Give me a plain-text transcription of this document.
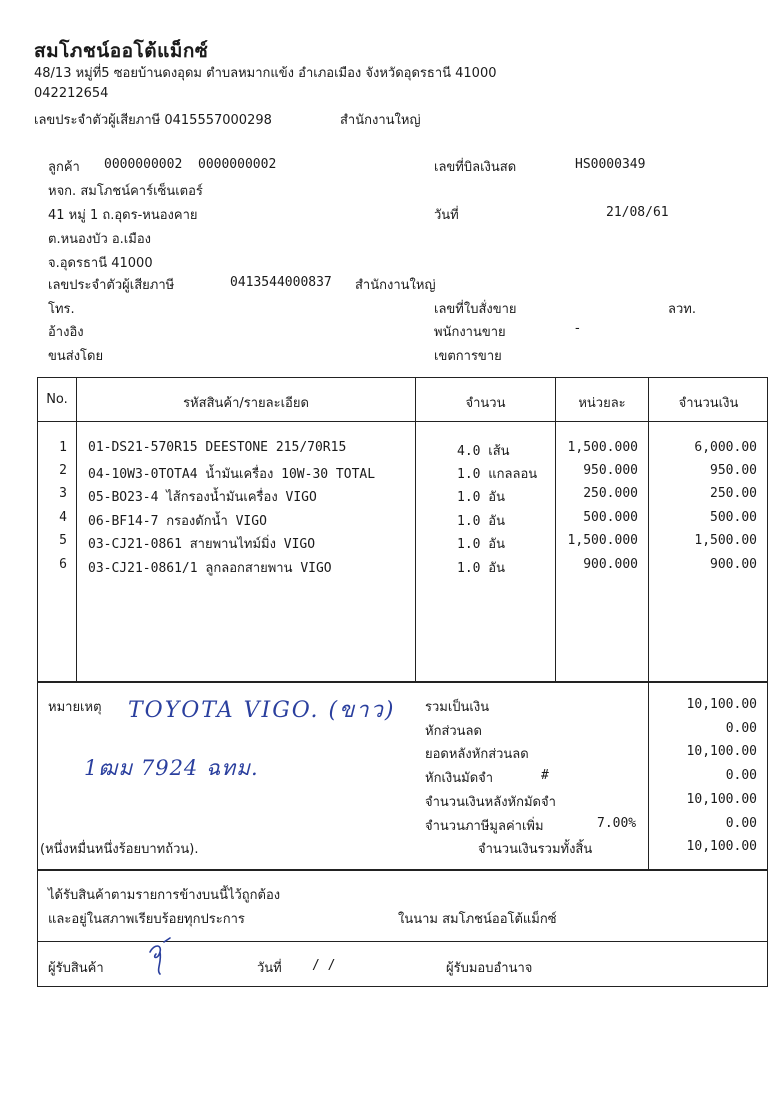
สมโภชน์ออโต้แม็กซ์
48/13 หมู่ที่5 ซอยบ้านดงอุดม ตำบลหมากแข้ง อำเภอเมือง จังหวัดอุดรธานี 41000
042212654
เลขประจำตัวผู้เสียภาษี 0415557000298	สำนักงานใหญ่
ลูกค้า 0000000002 0000000002
หจก. สมโภชน์คาร์เซ็นเตอร์
41 หมู่ 1 ถ.อุดร-หนองคาย
ต.หนองบัว อ.เมือง
จ.อุดรธานี 41000
เลขประจำตัวผู้เสียภาษี	0413544000837 สำนักงานใหญ่
โทร.
อ้างอิง
ขนส่งโดย
เลขที่บิลเงินสด	HS0000349
วันที่	21/08/61
เลขที่ใบสั่งขาย	ลวท.
พนักงานขาย	-
เขตการขาย
No.	รหัสสินค้า/รายละเอียด	จำนวน	หน่วยละ	จำนวนเงิน
1	01-DS21-570R15 DEESTONE 215/70R15	4.0 เส้น	1,500.000	6,000.00
2	04-10W3-0TOTA4 น้ำมันเครื่อง 10W-30 TOTAL	1.0 แกลลอน	950.000	950.00
3	05-BO23-4 ไส้กรองน้ำมันเครื่อง VIGO	1.0 อัน	250.000	250.00
4	06-BF14-7 กรองดักน้ำ VIGO	1.0 อัน	500.000	500.00
5	03-CJ21-0861 สายพานไทม์มิ่ง VIGO	1.0 อัน	1,500.000	1,500.00
6	03-CJ21-0861/1 ลูกลอกสายพาน VIGO	1.0 อัน	900.000	900.00
หมายเหตุ TOYOTA VIGO. (ขาว)
1ฒม 7924 ฉทม.
(หนึ่งหมื่นหนึ่งร้อยบาทถ้วน).
รวมเป็นเงิน	10,100.00
หักส่วนลด	0.00
ยอดหลังหักส่วนลด	10,100.00
หักเงินมัดจำ	#	0.00
จำนวนเงินหลังหักมัดจำ	10,100.00
จำนวนภาษีมูลค่าเพิ่ม	7.00%	0.00
จำนวนเงินรวมทั้งสิ้น	10,100.00
ได้รับสินค้าตามรายการข้างบนนี้ไว้ถูกต้อง
และอยู่ในสภาพเรียบร้อยทุกประการ	ในนาม สมโภชน์ออโต้แม็กซ์
ผู้รับสินค้า	วันที่ / /	ผู้รับมอบอำนาจ
